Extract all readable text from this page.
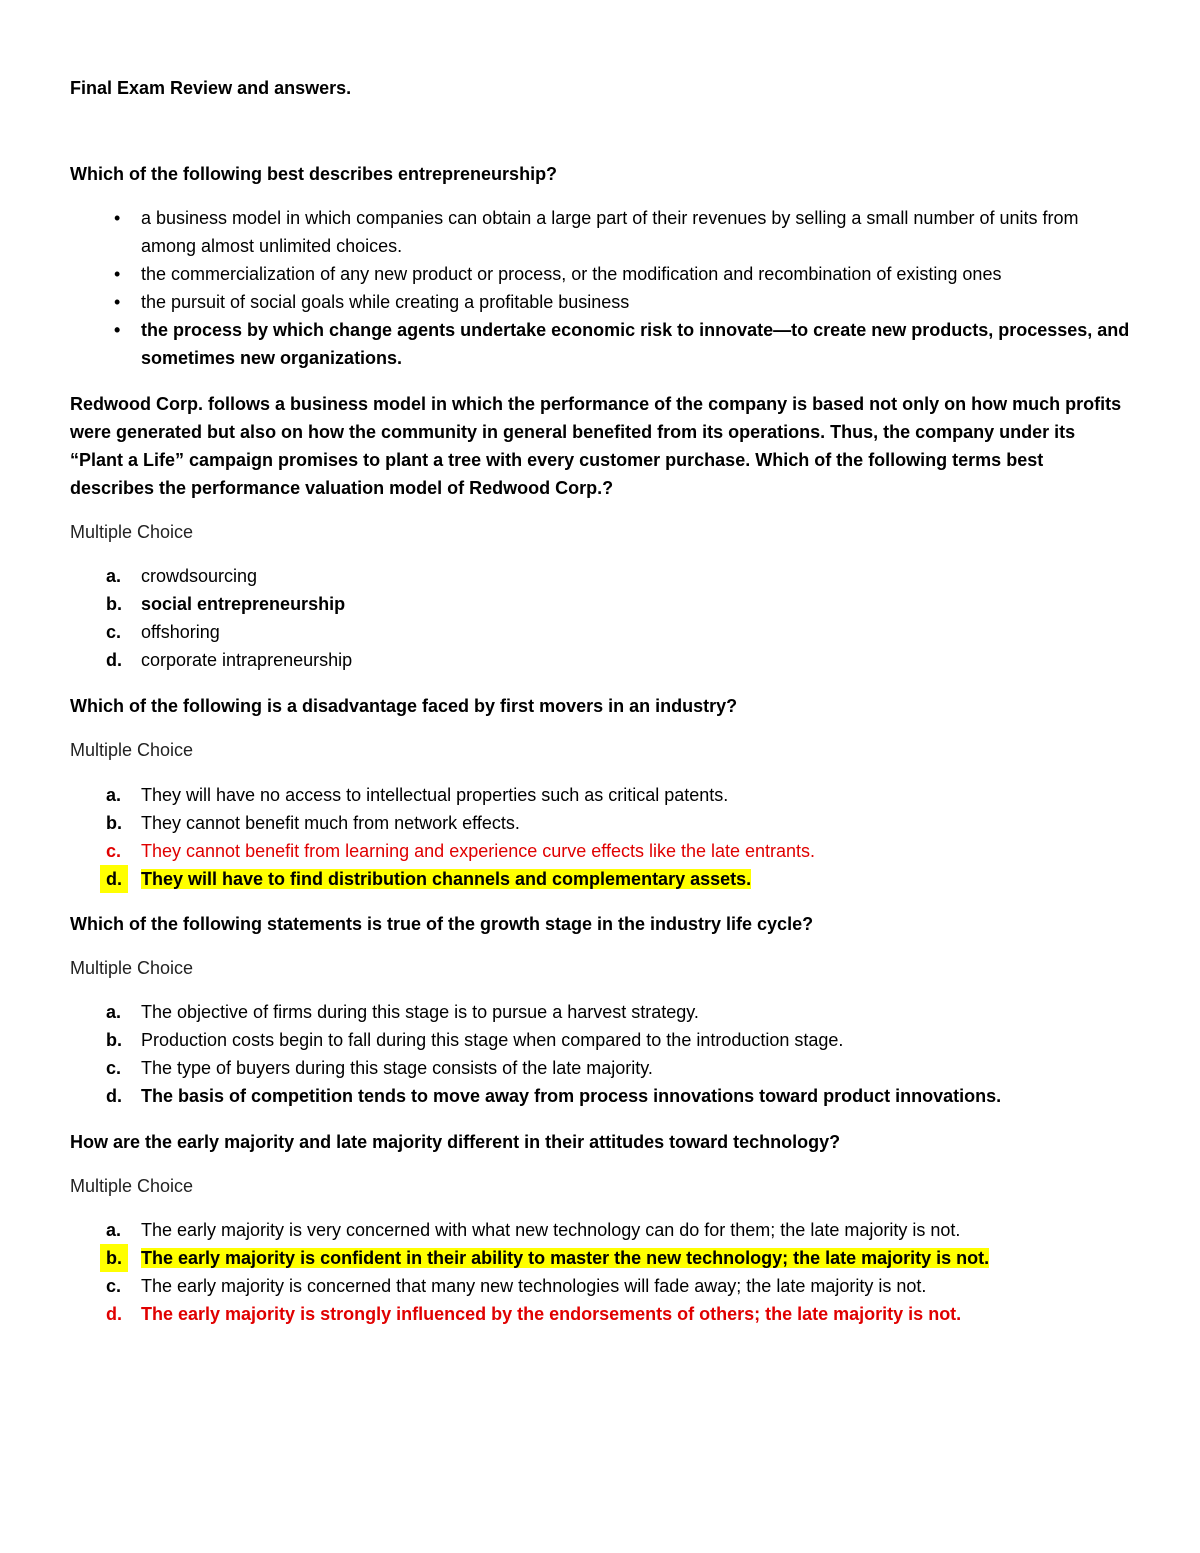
Final Exam Review and answers.

Which of the following best describes entrepreneurship?

• a business model in which companies can obtain a large part of their revenues by selling a small number of units from among almost unlimited choices.
• the commercialization of any new product or process, or the modification and recombination of existing ones
• the pursuit of social goals while creating a profitable business
• the process by which change agents undertake economic risk to innovate—to create new products, processes, and sometimes new organizations.

Redwood Corp. follows a business model in which the performance of the company is based not only on how much profits were generated but also on how the community in general benefited from its operations. Thus, the company under its “Plant a Life” campaign promises to plant a tree with every customer purchase. Which of the following terms best describes the performance valuation model of Redwood Corp.?

Multiple Choice

a. crowdsourcing
b. social entrepreneurship
c. offshoring
d. corporate intrapreneurship

Which of the following is a disadvantage faced by first movers in an industry?

Multiple Choice

a. They will have no access to intellectual properties such as critical patents.
b. They cannot benefit much from network effects.
c. They cannot benefit from learning and experience curve effects like the late entrants.
d.	They will have to find distribution channels and complementary assets.

Which of the following statements is true of the growth stage in the industry life cycle?

Multiple Choice

a. The objective of firms during this stage is to pursue a harvest strategy.
b. Production costs begin to fall during this stage when compared to the introduction stage.
c. The type of buyers during this stage consists of the late majority.
d. The basis of competition tends to move away from process innovations toward product innovations.

How are the early majority and late majority different in their attitudes toward technology?

Multiple Choice

a. The early majority is very concerned with what new technology can do for them; the late majority is not.
b.	The early majority is confident in their ability to master the new technology; the late majority is not.
c. The early majority is concerned that many new technologies will fade away; the late majority is not.
d. The early majority is strongly influenced by the endorsements of others; the late majority is not.
